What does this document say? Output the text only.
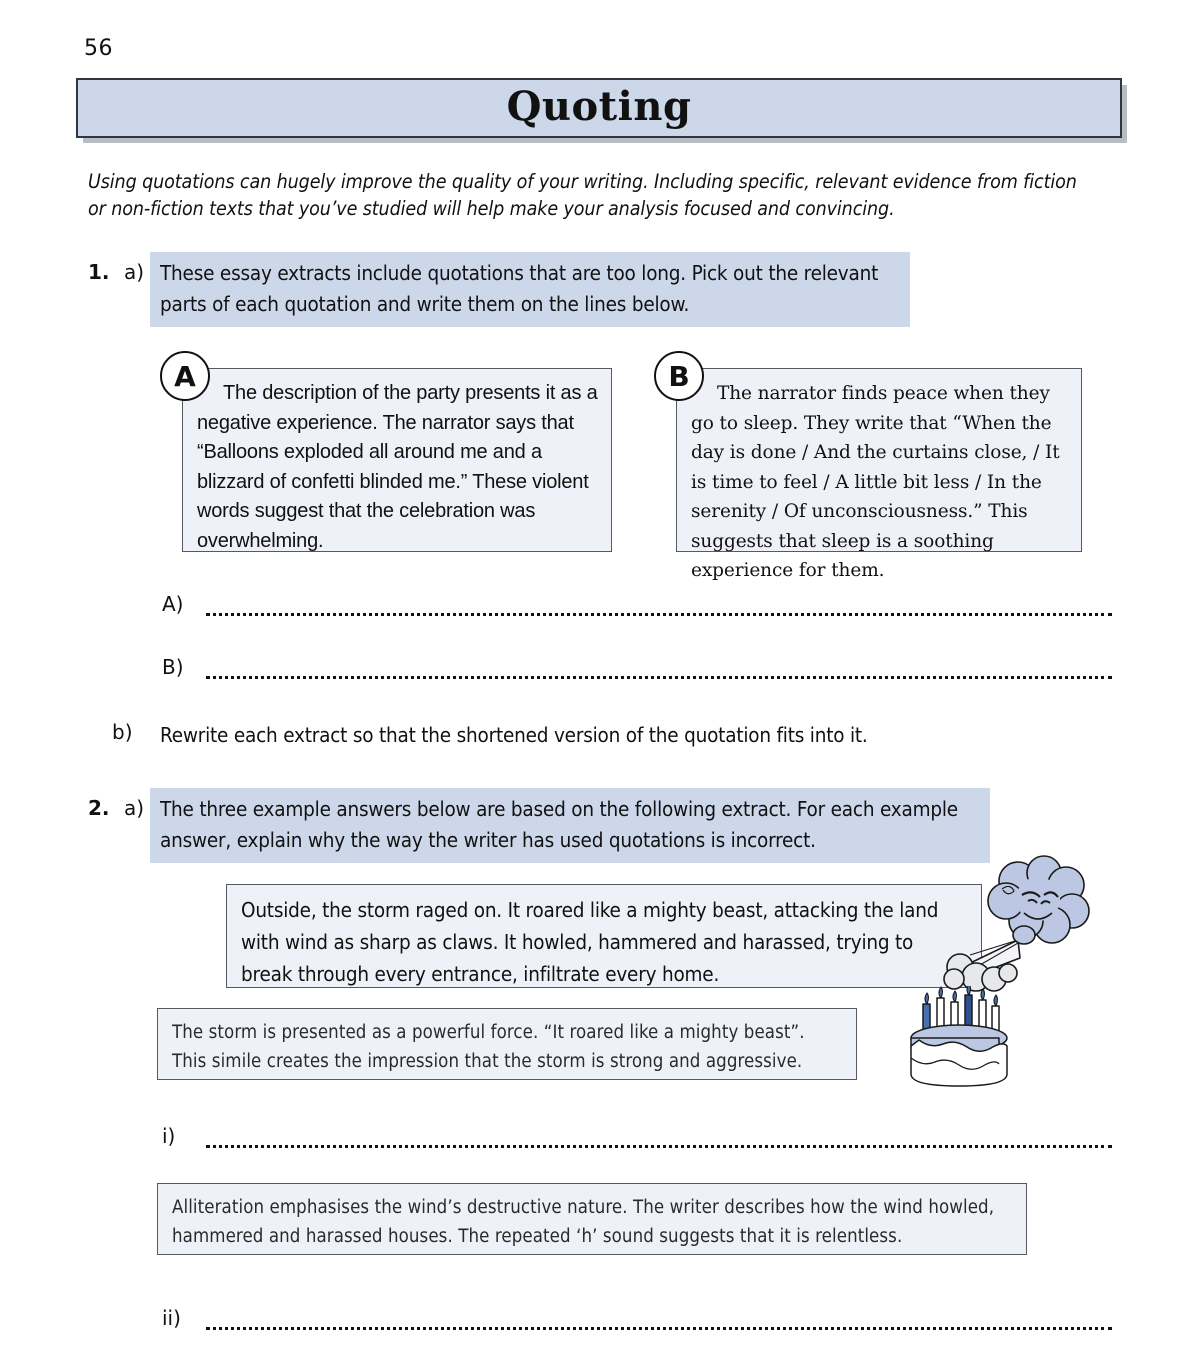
56
Quoting
Using quotations can hugely improve the quality of your writing. Including specific, relevant evidence from fiction or non-fiction texts that you’ve studied will help make your analysis focused and convincing.
1. a) These essay extracts include quotations that are too long. Pick out the relevant parts of each quotation and write them on the lines below.
A
The description of the party presents it as a negative experience. The narrator says that “Balloons exploded all around me and a blizzard of confetti blinded me.” These violent words suggest that the celebration was overwhelming.
B
The narrator finds peace when they go to sleep. They write that “When the day is done / And the curtains close, / It is time to feel / A little bit less / In the serenity / Of unconsciousness.” This suggests that sleep is a soothing experience for them.
A)
B)
b) Rewrite each extract so that the shortened version of the quotation fits into it.
2. a) The three example answers below are based on the following extract. For each example answer, explain why the way the writer has used quotations is incorrect.
Outside, the storm raged on. It roared like a mighty beast, attacking the land with wind as sharp as claws. It howled, hammered and harassed, trying to break through every entrance, infiltrate every home.
The storm is presented as a powerful force. “It roared like a mighty beast”. This simile creates the impression that the storm is strong and aggressive.
i)
Alliteration emphasises the wind’s destructive nature. The writer describes how the wind howled, hammered and harassed houses. The repeated ‘h’ sound suggests that it is relentless.
ii)
